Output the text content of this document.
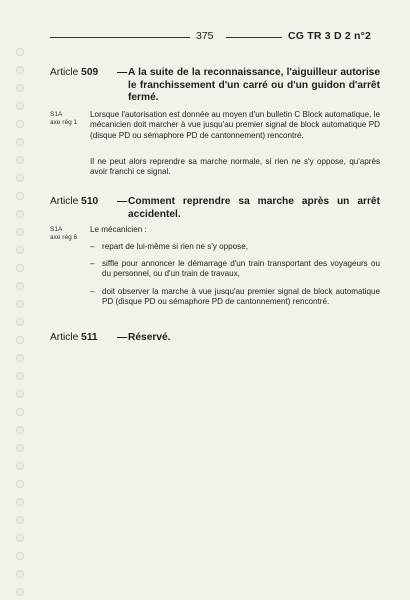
375	CG TR 3 D 2 n°2
Article 509	— A la suite de la reconnaissance, l'aiguilleur autorise le franchissement d'un carré ou d'un guidon d'arrêt fermé.
S1A
axe rég 1
Lorsque l'autorisation est donnée au moyen d'un bulletin C Block automatique, le mécanicien doit marcher à vue jusqu'au premier signal de block automatique PD (disque PD ou sémaphore PD de cantonnement) rencontré.
Il ne peut alors reprendre sa marche normale, si rien ne s'y oppose, qu'après avoir franchi ce signal.
Article 510	— Comment reprendre sa marche après un arrêt accidentel.
S1A
axe rég 6
Le mécanicien :
– repart de lui-même si rien ne s'y oppose,
– siffle pour annoncer le démarrage d'un train transportant des voyageurs ou du personnel, ou d'un train de travaux,
– doit observer la marche à vue jusqu'au premier signal de block automatique PD (disque PD ou sémaphore PD de cantonnement) rencontré.
Article 511	— Réservé.
